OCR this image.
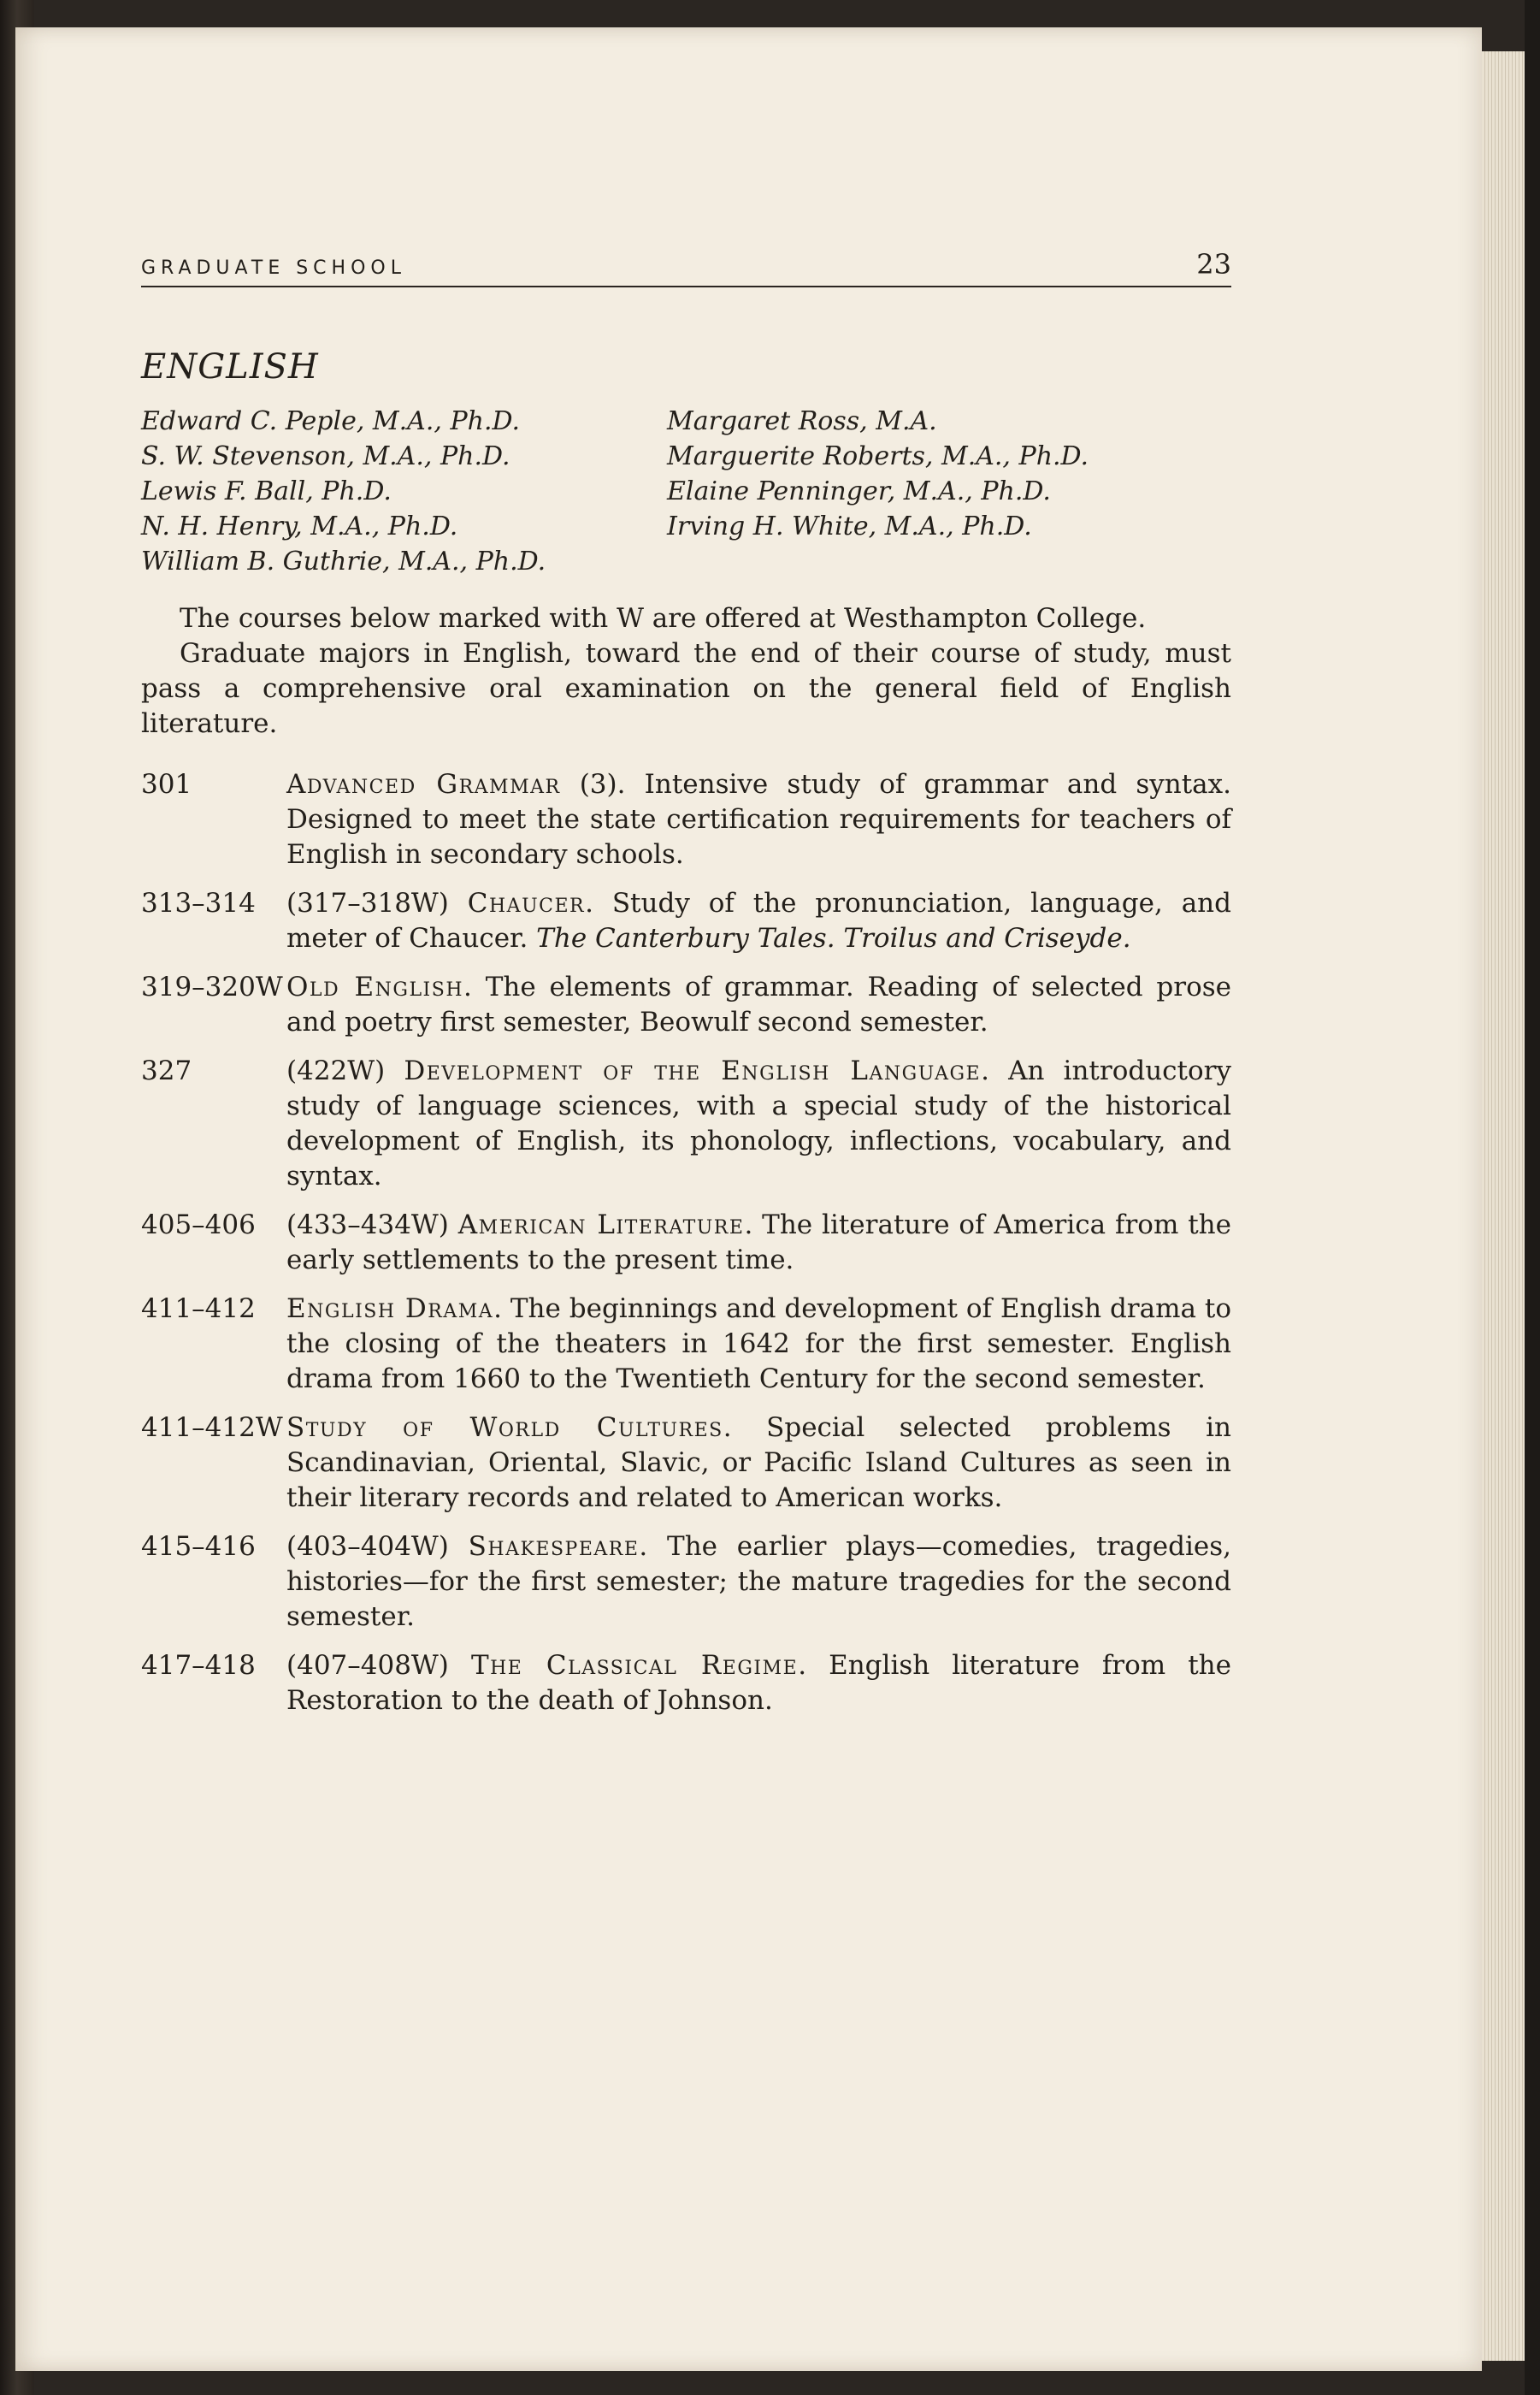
GRADUATE SCHOOL	23
ENGLISH
Edward C. Peple, M.A., Ph.D.
S. W. Stevenson, M.A., Ph.D.
Lewis F. Ball, Ph.D.
N. H. Henry, M.A., Ph.D.
William B. Guthrie, M.A., Ph.D.
Margaret Ross, M.A.
Marguerite Roberts, M.A., Ph.D.
Elaine Penninger, M.A., Ph.D.
Irving H. White, M.A., Ph.D.

The courses below marked with W are offered at Westhampton College.

Graduate majors in English, toward the end of their course of study, must pass a comprehensive oral examination on the general field of English literature.

301	Advanced Grammar (3). Intensive study of grammar and syntax. Designed to meet the state certification requirements for teachers of English in secondary schools.
313–314	(317–318W) Chaucer. Study of the pronunciation, language, and meter of Chaucer. The Canterbury Tales. Troilus and Criseyde.
319–320W Old English. The elements of grammar. Reading of selected prose and poetry first semester, Beowulf second semester.
327	(422W) Development of the English Language. An introductory study of language sciences, with a special study of the historical development of English, its phonology, inflections, vocabulary, and syntax.
405–406	(433–434W) American Literature. The literature of America from the early settlements to the present time.
411–412	English Drama. The beginnings and development of English drama to the closing of the theaters in 1642 for the first semester. English drama from 1660 to the Twentieth Century for the second semester.
411–412W Study of World Cultures. Special selected problems in Scandinavian, Oriental, Slavic, or Pacific Island Cultures as seen in their literary records and related to American works.
415–416	(403–404W) Shakespeare. The earlier plays—comedies, tragedies, histories—for the first semester; the mature tragedies for the second semester.
417–418	(407–408W) The Classical Regime. English literature from the Restoration to the death of Johnson.
